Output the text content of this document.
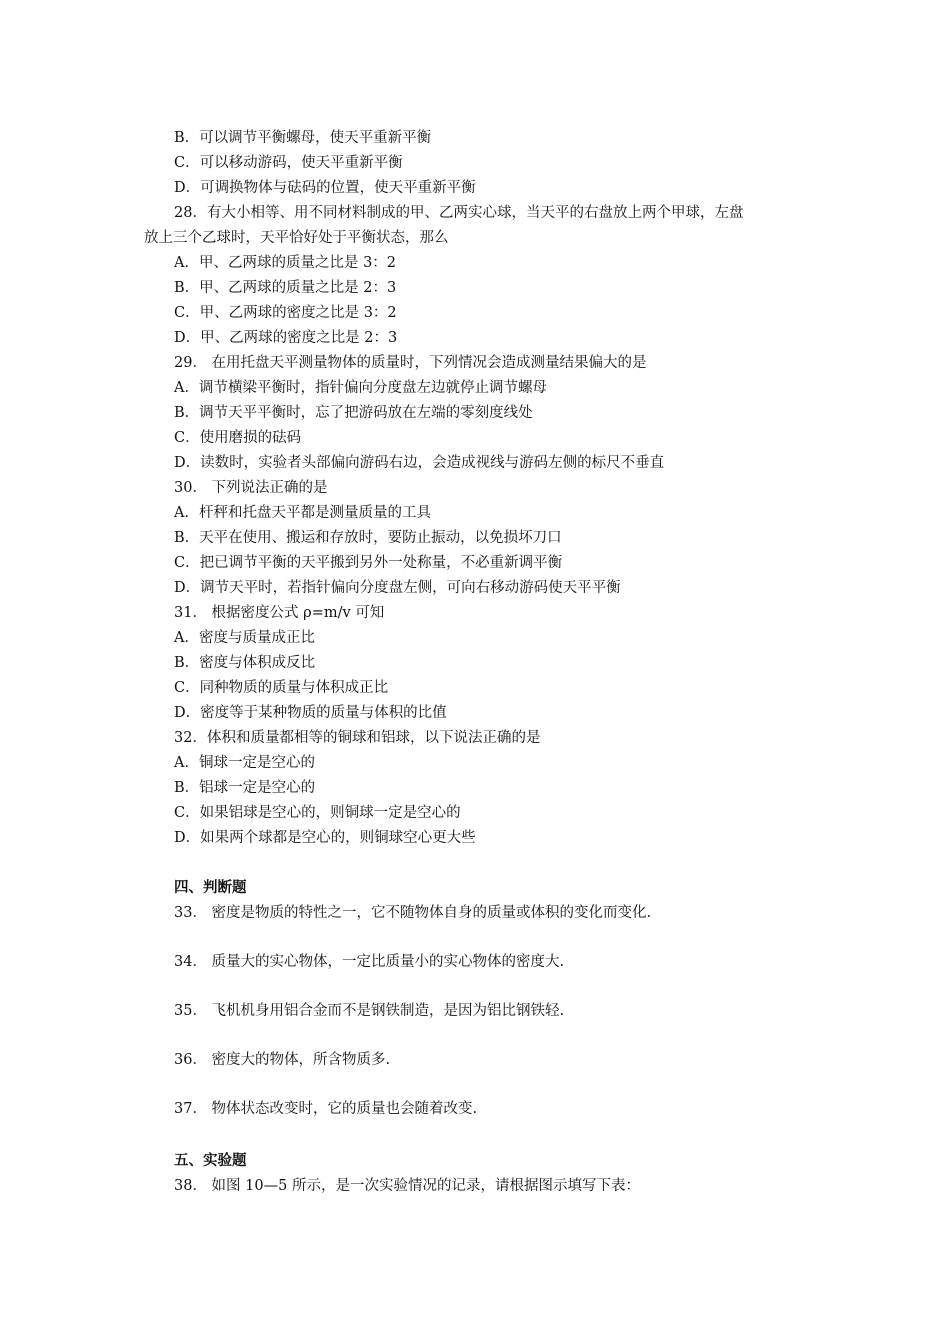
B．可以调节平衡螺母，使天平重新平衡
C．可以移动游码，使天平重新平衡
D．可调换物体与砝码的位置，使天平重新平衡
28．有大小相等、用不同材料制成的甲、乙两实心球，当天平的右盘放上两个甲球，左盘
放上三个乙球时，天平恰好处于平衡状态，那么
A．甲、乙两球的质量之比是 3：2
B．甲、乙两球的质量之比是 2：3
C．甲、乙两球的密度之比是 3：2
D．甲、乙两球的密度之比是 2：3
29． 在用托盘天平测量物体的质量时，下列情况会造成测量结果偏大的是
A．调节横梁平衡时，指针偏向分度盘左边就停止调节螺母
B．调节天平平衡时，忘了把游码放在左端的零刻度线处
C．使用磨损的砝码
D．读数时，实验者头部偏向游码右边，会造成视线与游码左侧的标尺不垂直
30． 下列说法正确的是
A．杆秤和托盘天平都是测量质量的工具
B．天平在使用、搬运和存放时，要防止振动，以免损坏刀口
C．把已调节平衡的天平搬到另外一处称量，不必重新调平衡
D．调节天平时，若指针偏向分度盘左侧，可向右移动游码使天平平衡
31． 根据密度公式 ρ=m/v 可知
A．密度与质量成正比
B．密度与体积成反比
C．同种物质的质量与体积成正比
D．密度等于某种物质的质量与体积的比值
32．体积和质量都相等的铜球和铝球，以下说法正确的是
A．铜球一定是空心的
B．铝球一定是空心的
C．如果铝球是空心的，则铜球一定是空心的
D．如果两个球都是空心的，则铜球空心更大些
四、判断题
33． 密度是物质的特性之一，它不随物体自身的质量或体积的变化而变化.
34． 质量大的实心物体，一定比质量小的实心物体的密度大.
35． 飞机机身用铝合金而不是钢铁制造，是因为铝比钢铁轻.
36． 密度大的物体，所含物质多.
37． 物体状态改变时，它的质量也会随着改变.
五、实验题
38． 如图 10—5 所示，是一次实验情况的记录，请根据图示填写下表：
